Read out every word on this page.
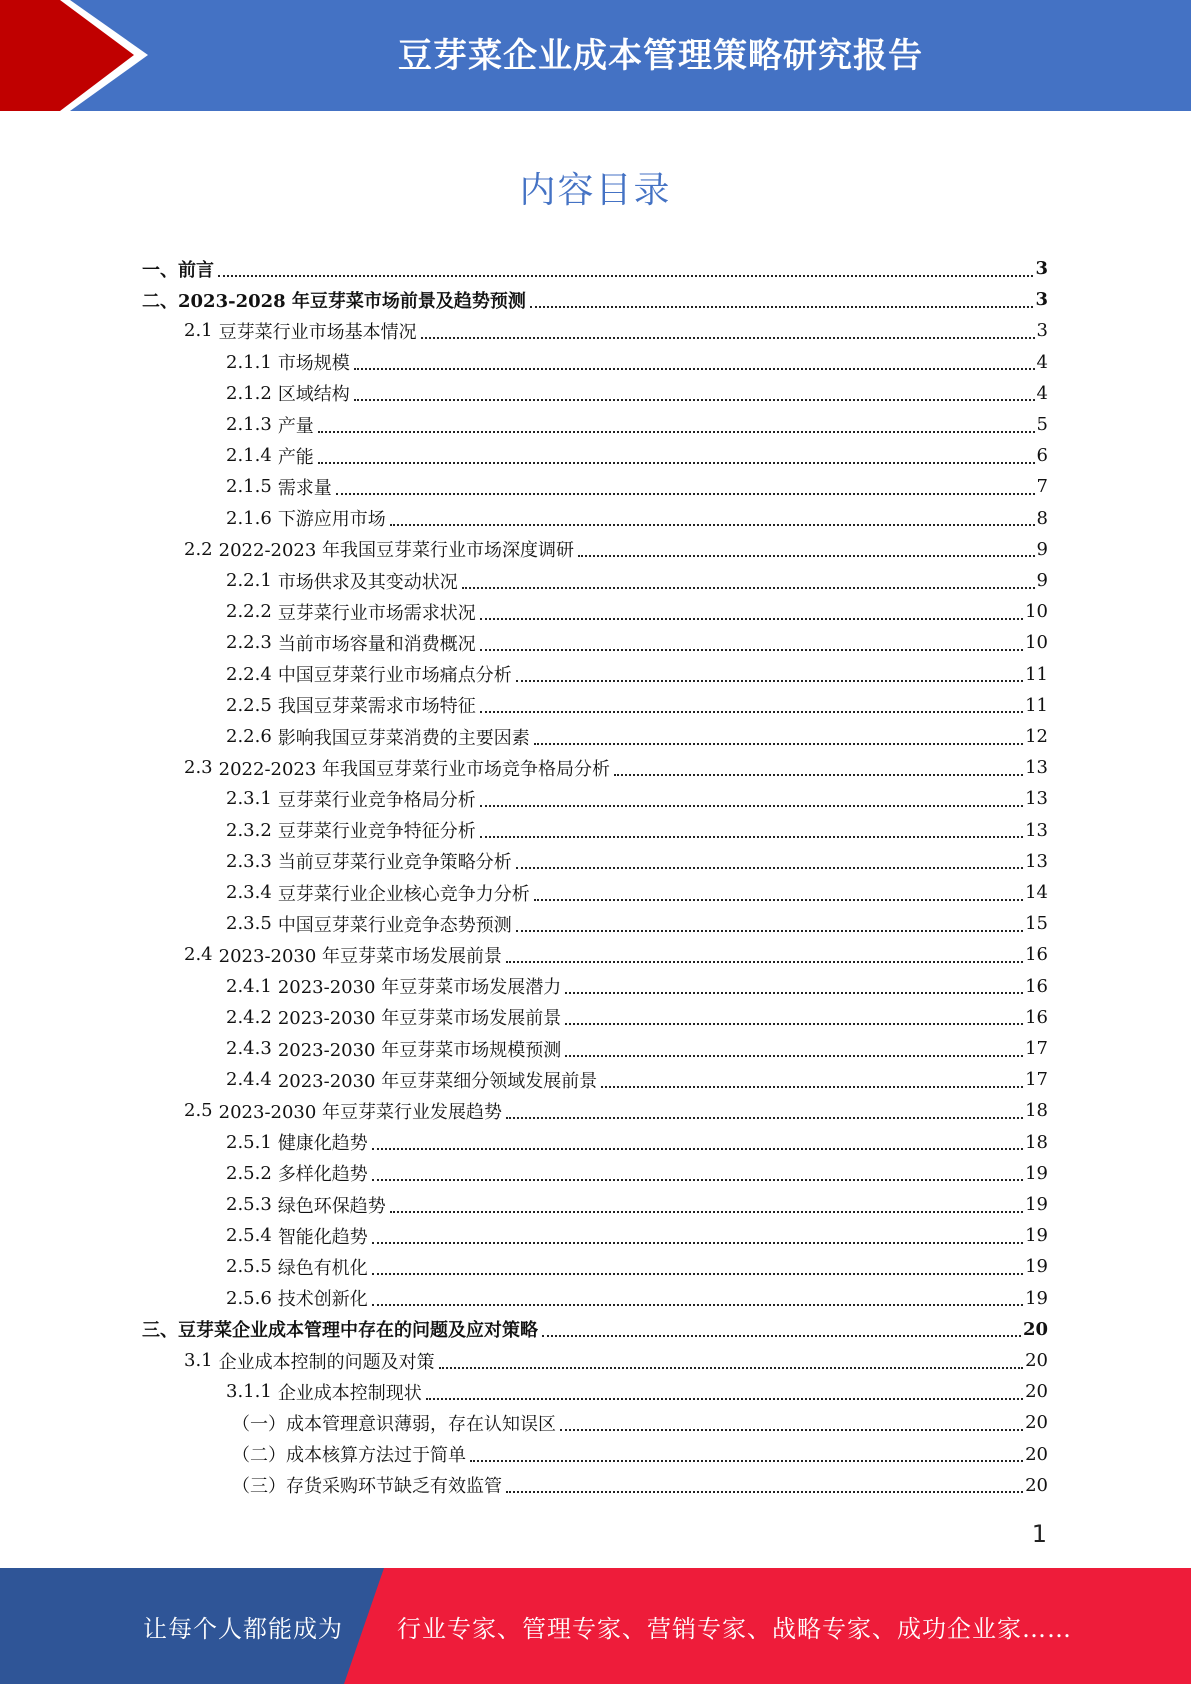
豆芽菜企业成本管理策略研究报告
内容目录
一、 前言	3
二、 2023-2028 年豆芽菜市场前景及趋势预测	3
2.1 豆芽菜行业市场基本情况	3
2.1.1 市场规模	4
2.1.2 区域结构	4
2.1.3 产量	5
2.1.4 产能	6
2.1.5 需求量	7
2.1.6 下游应用市场	8
2.2 2022-2023 年我国豆芽菜行业市场深度调研	9
2.2.1 市场供求及其变动状况	9
2.2.2 豆芽菜行业市场需求状况	10
2.2.3 当前市场容量和消费概况	10
2.2.4 中国豆芽菜行业市场痛点分析	11
2.2.5 我国豆芽菜需求市场特征	11
2.2.6 影响我国豆芽菜消费的主要因素	12
2.3 2022-2023 年我国豆芽菜行业市场竞争格局分析	13
2.3.1 豆芽菜行业竞争格局分析	13
2.3.2 豆芽菜行业竞争特征分析	13
2.3.3 当前豆芽菜行业竞争策略分析	13
2.3.4 豆芽菜行业企业核心竞争力分析	14
2.3.5 中国豆芽菜行业竞争态势预测	15
2.4 2023-2030 年豆芽菜市场发展前景	16
2.4.1 2023-2030 年豆芽菜市场发展潜力	16
2.4.2 2023-2030 年豆芽菜市场发展前景	16
2.4.3 2023-2030 年豆芽菜市场规模预测	17
2.4.4 2023-2030 年豆芽菜细分领域发展前景	17
2.5 2023-2030 年豆芽菜行业发展趋势	18
2.5.1 健康化趋势	18
2.5.2 多样化趋势	19
2.5.3 绿色环保趋势	19
2.5.4 智能化趋势	19
2.5.5 绿色有机化	19
2.5.6 技术创新化	19
三、 豆芽菜企业成本管理中存在的问题及应对策略	20
3.1 企业成本控制的问题及对策	20
3.1.1 企业成本控制现状	20
（一） 成本管理意识薄弱，存在认知误区	20
（二） 成本核算方法过于简单	20
（三） 存货采购环节缺乏有效监管	20
1
让每个人都能成为 行业专家、管理专家、营销专家、战略专家、成功企业家……
